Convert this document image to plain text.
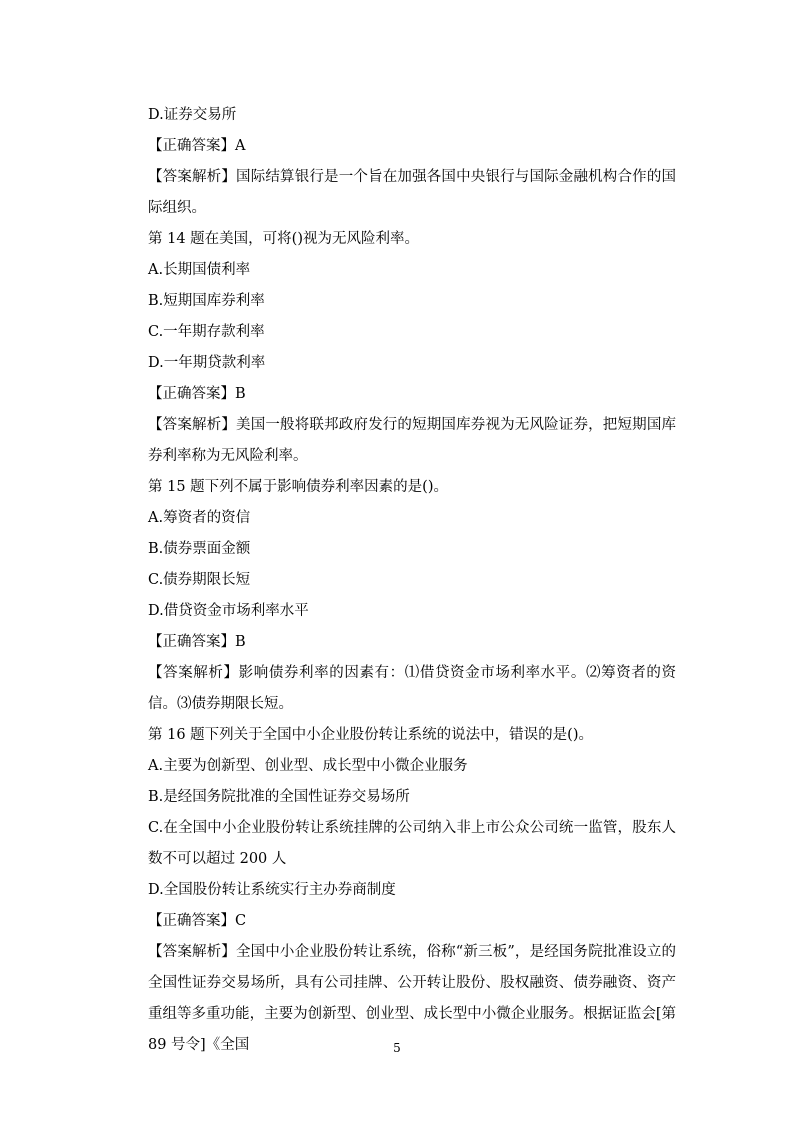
D.证券交易所
【正确答案】A
【答案解析】国际结算银行是一个旨在加强各国中央银行与国际金融机构合作的国际组织。
第 14 题在美国，可将()视为无风险利率。
A.长期国债利率
B.短期国库券利率
C.一年期存款利率
D.一年期贷款利率
【正确答案】B
【答案解析】美国一般将联邦政府发行的短期国库券视为无风险证券，把短期国库券利率称为无风险利率。
第 15 题下列不属于影响债券利率因素的是()。
A.筹资者的资信
B.债券票面金额
C.债券期限长短
D.借贷资金市场利率水平
【正确答案】B
【答案解析】影响债券利率的因素有：⑴借贷资金市场利率水平。⑵筹资者的资信。⑶债券期限长短。
第 16 题下列关于全国中小企业股份转让系统的说法中，错误的是()。
A.主要为创新型、创业型、成长型中小微企业服务
B.是经国务院批准的全国性证券交易场所
C.在全国中小企业股份转让系统挂牌的公司纳入非上市公众公司统一监管，股东人数不可以超过 200 人
D.全国股份转让系统实行主办券商制度
【正确答案】C
【答案解析】全国中小企业股份转让系统，俗称“新三板”，是经国务院批准设立的全国性证券交易场所，具有公司挂牌、公开转让股份、股权融资、债券融资、资产重组等多重功能，主要为创新型、创业型、成长型中小微企业服务。根据证监会[第 89 号令]《全国	5
